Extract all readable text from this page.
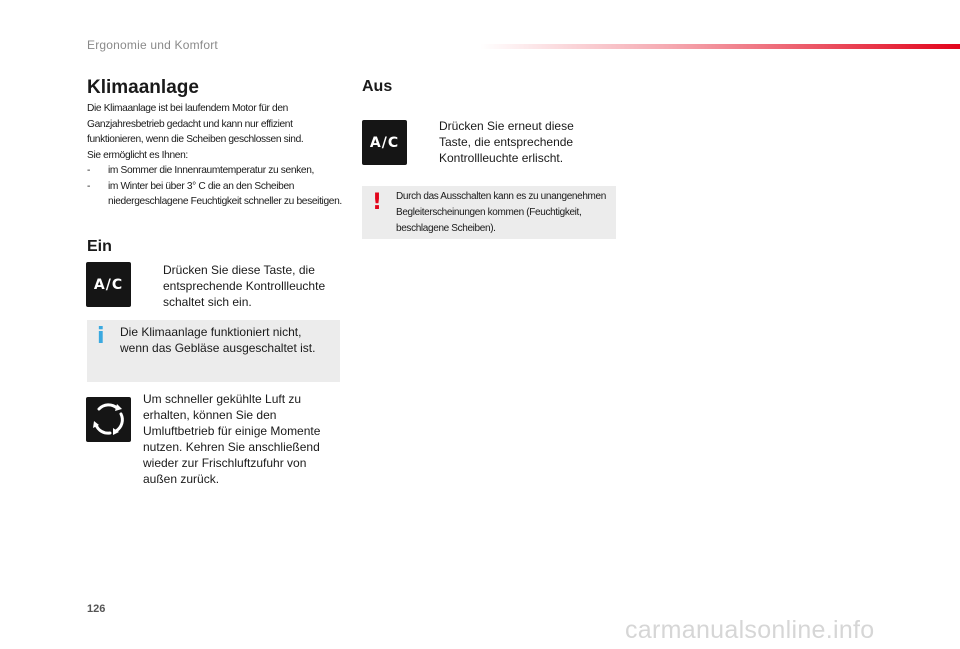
Ergonomie und Komfort
Klimaanlage

Die Klimaanlage ist bei laufendem Motor für den Ganzjahresbetrieb gedacht und kann nur effizient funktionieren, wenn die Scheiben geschlossen sind.

Sie ermöglicht es Ihnen:

- im Sommer die Innenraumtemperatur zu senken,
- im Winter bei über 3° C die an den Scheiben niedergeschlagene Feuchtigkeit schneller zu beseitigen.
Ein
A/C
Drücken Sie diese Taste, die entsprechende Kontrollleuchte schaltet sich ein.
i Die Klimaanlage funktioniert nicht, wenn das Gebläse ausgeschaltet ist.
Um schneller gekühlte Luft zu erhalten, können Sie den Umluftbetrieb für einige Momente nutzen. Kehren Sie anschließend wieder zur Frischluftzufuhr von außen zurück.
Aus
A/C
Drücken Sie erneut diese Taste, die entsprechende Kontrollleuchte erlischt.
! Durch das Ausschalten kann es zu unangenehmen Begleiterscheinungen kommen (Feuchtigkeit, beschlagene Scheiben).
126
carmanualsonline.info
